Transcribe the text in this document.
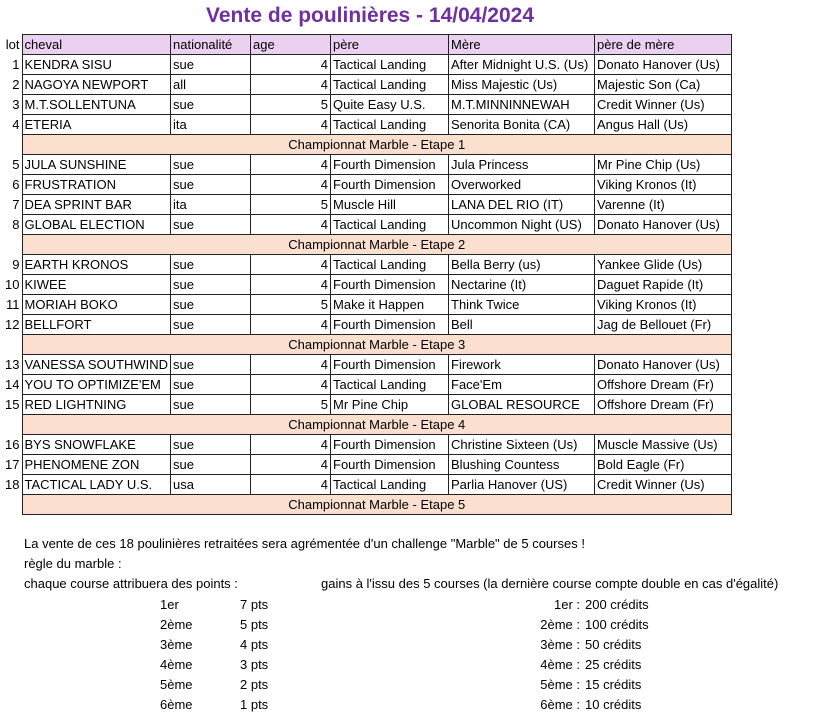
Vente de poulinières - 14/04/2024
lot	cheval	nationalité	age	père	Mère	père de mère
1	KENDRA SISU	sue	4	Tactical Landing	After Midnight U.S. (Us)	Donato Hanover (Us)
2	NAGOYA NEWPORT	all	4	Tactical Landing	Miss Majestic (Us)	Majestic Son (Ca)
3	M.T.SOLLENTUNA	sue	5	Quite Easy U.S.	M.T.MINNINNEWAH	Credit Winner (Us)
4	ETERIA	ita	4	Tactical Landing	Senorita Bonita (CA)	Angus Hall (Us)
	Championnat Marble - Etape 1					
5	JULA SUNSHINE	sue	4	Fourth Dimension	Jula Princess	Mr Pine Chip (Us)
6	FRUSTRATION	sue	4	Fourth Dimension	Overworked	Viking Kronos (It)
7	DEA SPRINT BAR	ita	5	Muscle Hill	LANA DEL RIO (IT)	Varenne (It)
8	GLOBAL ELECTION	sue	4	Tactical Landing	Uncommon Night (US)	Donato Hanover (Us)
	Championnat Marble - Etape 2					
9	EARTH KRONOS	sue	4	Tactical Landing	Bella Berry (us)	Yankee Glide (Us)
10	KIWEE	sue	4	Fourth Dimension	Nectarine (It)	Daguet Rapide (It)
11	MORIAH BOKO	sue	5	Make it Happen	Think Twice	Viking Kronos (It)
12	BELLFORT	sue	4	Fourth Dimension	Bell	Jag de Bellouet (Fr)
	Championnat Marble - Etape 3					
13	VANESSA SOUTHWIND	sue	4	Fourth Dimension	Firework	Donato Hanover (Us)
14	YOU TO OPTIMIZE'EM	sue	4	Tactical Landing	Face'Em	Offshore Dream (Fr)
15	RED LIGHTNING	sue	5	Mr Pine Chip	GLOBAL RESOURCE	Offshore Dream (Fr)
	Championnat Marble - Etape 4					
16	BYS SNOWFLAKE	sue	4	Fourth Dimension	Christine Sixteen (Us)	Muscle Massive (Us)
17	PHENOMENE ZON	sue	4	Fourth Dimension	Blushing Countess	Bold Eagle (Fr)
18	TACTICAL LADY U.S.	usa	4	Tactical Landing	Parlia Hanover (US)	Credit Winner (Us)
	Championnat Marble - Etape 5					
La vente de ces 18 poulinières retraitées sera agrémentée d'un challenge "Marble" de 5 courses !
règle du marble :
chaque course attribuera des points :	gains à l'issu des 5 courses (la dernière course compte double en cas d'égalité)
1er	7 pts
2ème	5 pts
3ème	4 pts
4ème	3 pts
5ème	2 pts
6ème	1 pts
1er : 200 crédits
2ème : 100 crédits
3ème : 50 crédits
4ème : 25 crédits
5ème : 15 crédits
6ème : 10 crédits
